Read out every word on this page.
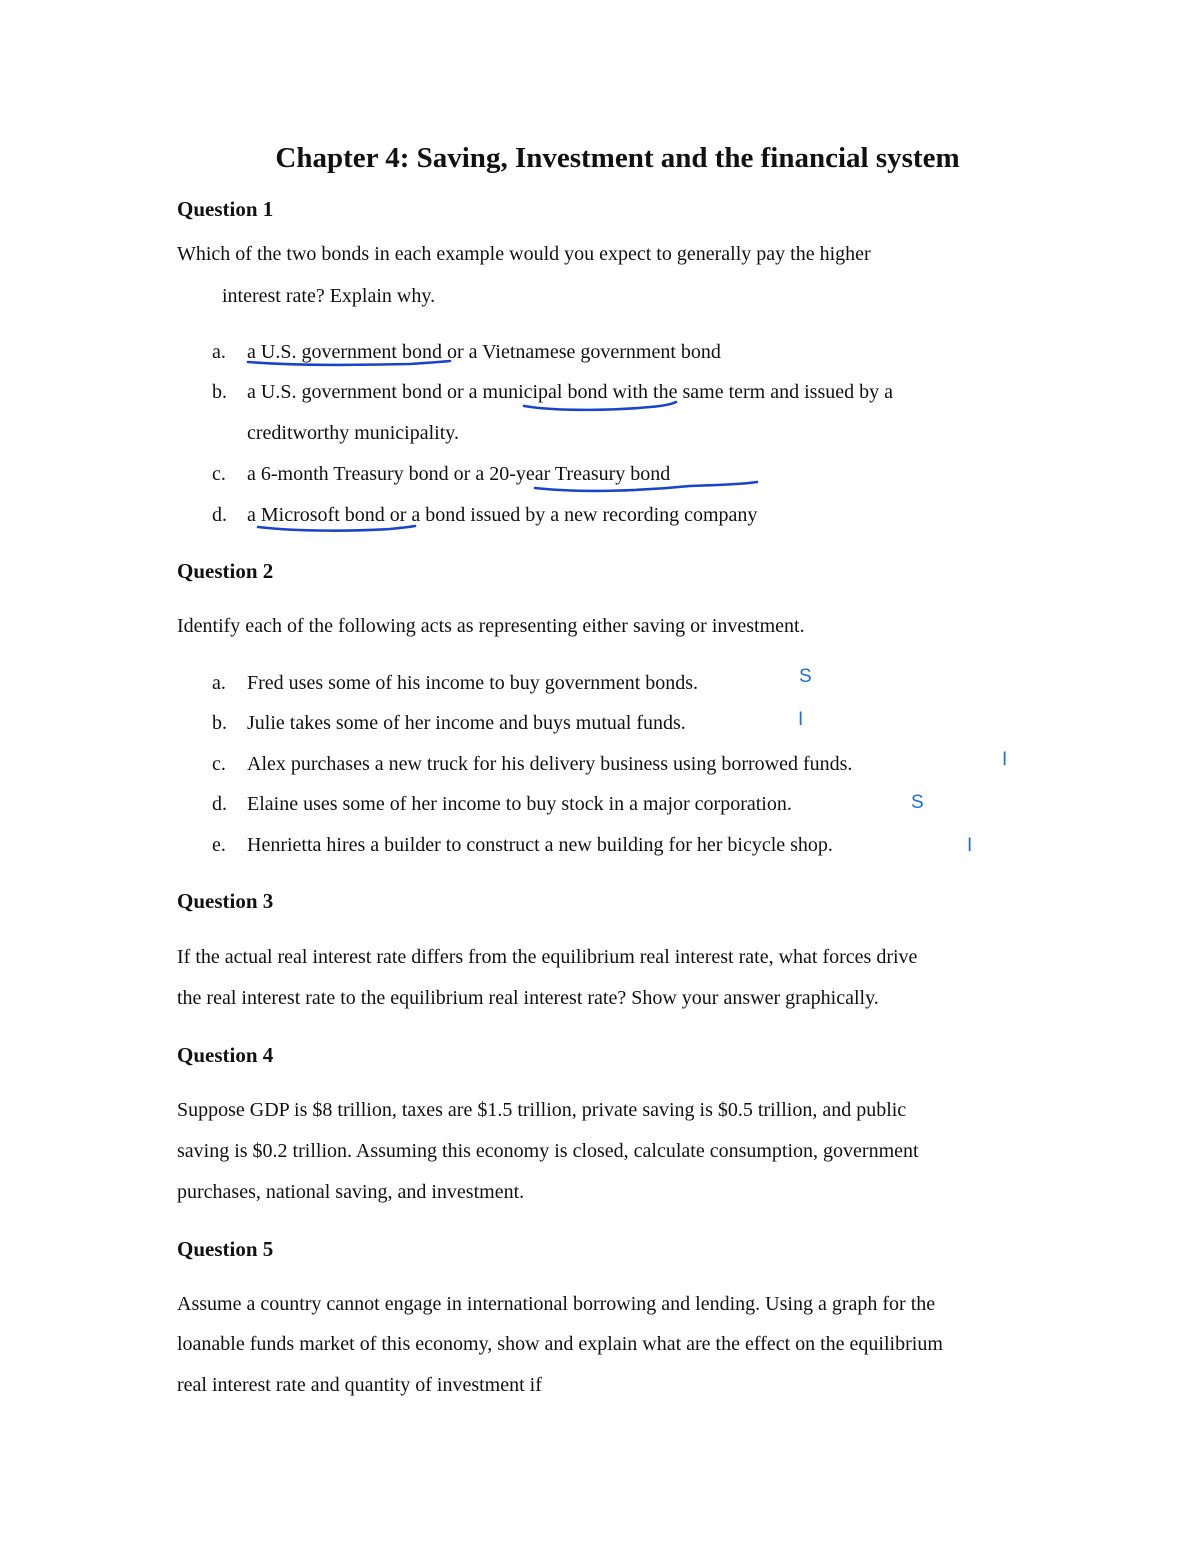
Chapter 4: Saving, Investment and the financial system
Question 1
Which of the two bonds in each example would you expect to generally pay the higher
interest rate? Explain why.
a. a U.S. government bond or a Vietnamese government bond
b. a U.S. government bond or a municipal bond with the same term and issued by a
creditworthy municipality.
c. a 6-month Treasury bond or a 20-year Treasury bond
d. a Microsoft bond or a bond issued by a new recording company
Question 2
Identify each of the following acts as representing either saving or investment.
a. Fred uses some of his income to buy government bonds.	S
b. Julie takes some of her income and buys mutual funds.	I
c. Alex purchases a new truck for his delivery business using borrowed funds.	I
d. Elaine uses some of her income to buy stock in a major corporation.	S
e. Henrietta hires a builder to construct a new building for her bicycle shop.	I
Question 3
If the actual real interest rate differs from the equilibrium real interest rate, what forces drive
the real interest rate to the equilibrium real interest rate? Show your answer graphically.
Question 4
Suppose GDP is $8 trillion, taxes are $1.5 trillion, private saving is $0.5 trillion, and public
saving is $0.2 trillion. Assuming this economy is closed, calculate consumption, government
purchases, national saving, and investment.
Question 5
Assume a country cannot engage in international borrowing and lending. Using a graph for the
loanable funds market of this economy, show and explain what are the effect on the equilibrium
real interest rate and quantity of investment if
